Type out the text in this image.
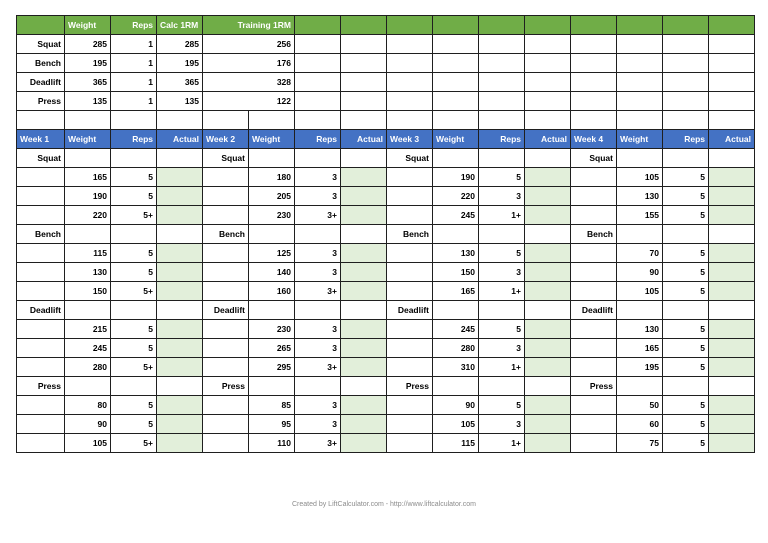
	Weight	Reps	Calc 1RM	Training 1RM											
Squat	285	1	285	256											
Bench	195	1	195	176											
Deadlift	365	1	365	328											
Press	135	1	135	122											

Week 1	Weight	Reps	Actual	Week 2	Weight	Reps	Actual	Week 3	Weight	Reps	Actual	Week 4	Weight	Reps	Actual
Squat				Squat				Squat				Squat			
	165	5			180	3			190	5			105	5	
	190	5			205	3			220	3			130	5	
	220	5+			230	3+			245	1+			155	5	
Bench				Bench				Bench				Bench			
	115	5			125	3			130	5			70	5	
	130	5			140	3			150	3			90	5	
	150	5+			160	3+			165	1+			105	5	
Deadlift				Deadlift				Deadlift				Deadlift			
	215	5			230	3			245	5			130	5	
	245	5			265	3			280	3			165	5	
	280	5+			295	3+			310	1+			195	5	
Press				Press				Press				Press			
	80	5			85	3			90	5			50	5	
	90	5			95	3			105	3			60	5	
	105	5+			110	3+			115	1+			75	5	
Created by LiftCalculator.com - http://www.liftcalculator.com
